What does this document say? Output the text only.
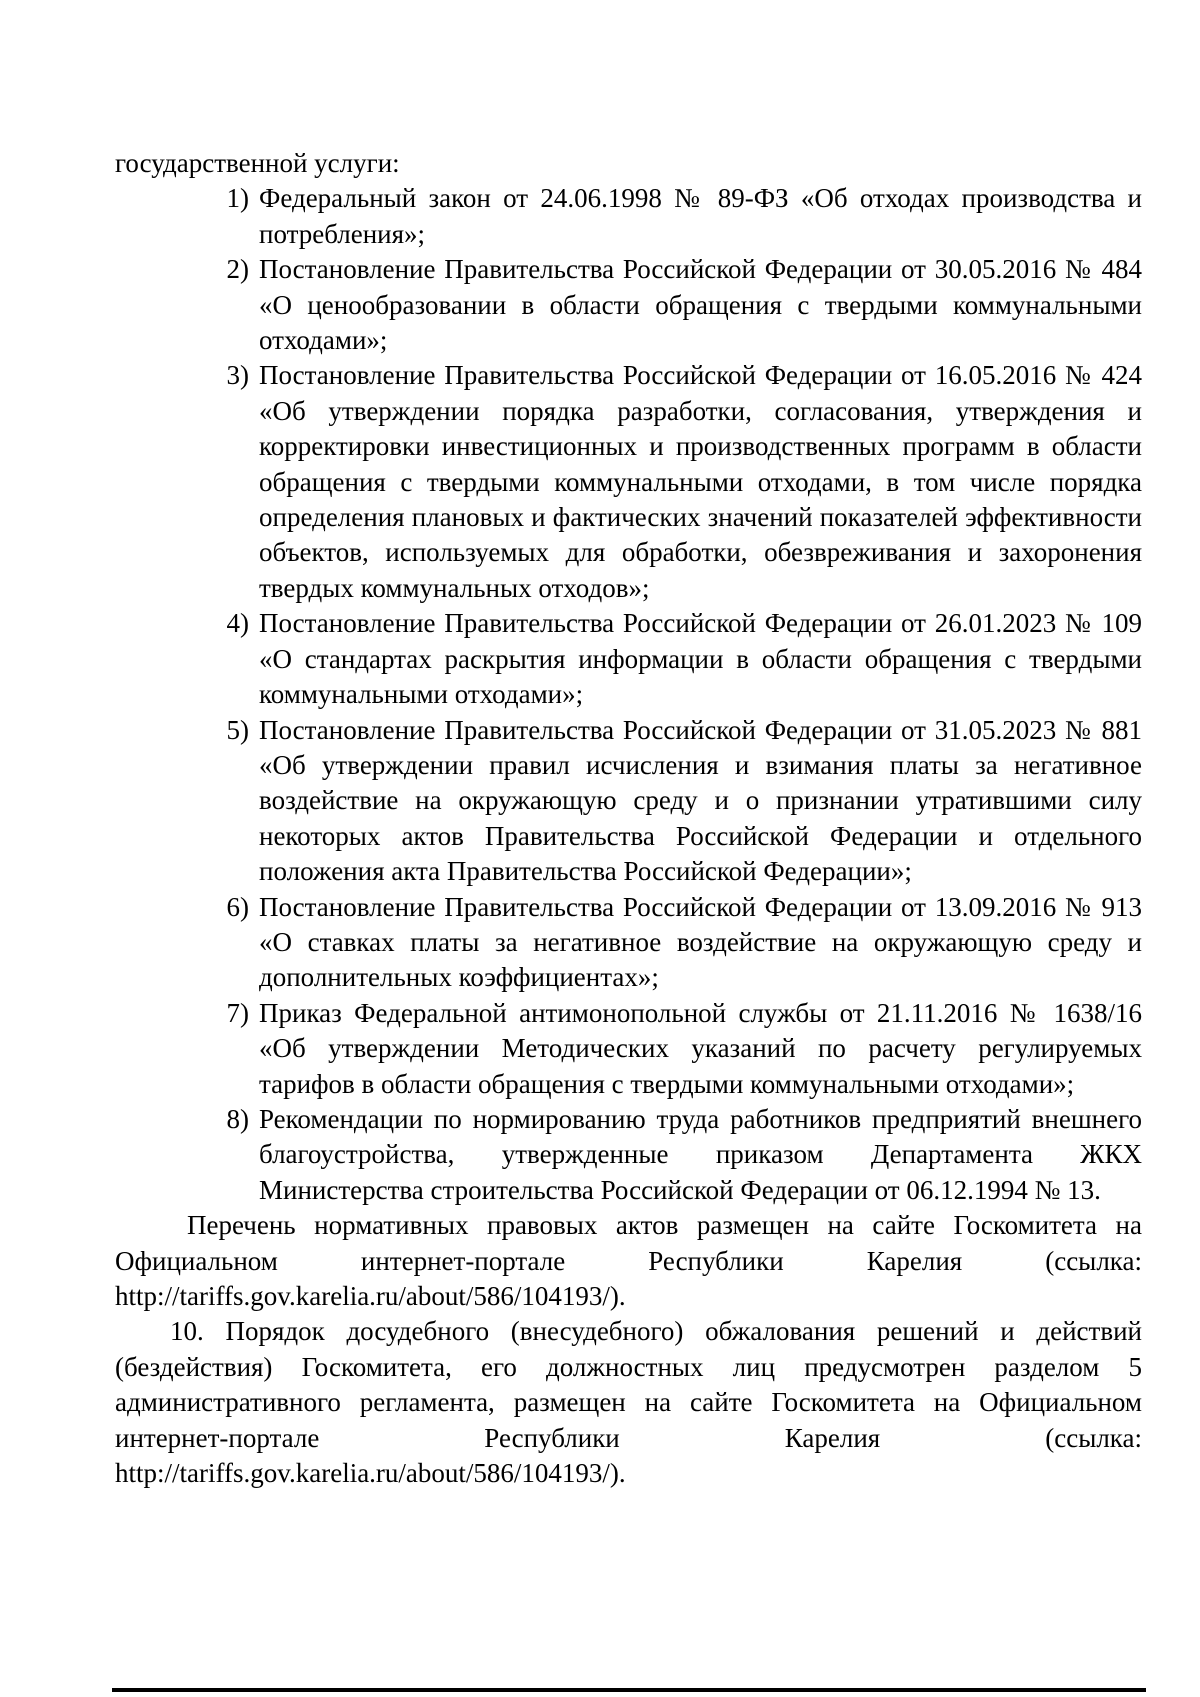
государственной услуги:

1) Федеральный закон от 24.06.1998 № 89-ФЗ «Об отходах производства и потребления»;
2) Постановление Правительства Российской Федерации от 30.05.2016 № 484 «О ценообразовании в области обращения с твердыми коммунальными отходами»;
3) Постановление Правительства Российской Федерации от 16.05.2016 № 424 «Об утверждении порядка разработки, согласования, утверждения и корректировки инвестиционных и производственных программ в области обращения с твердыми коммунальными отходами, в том числе порядка определения плановых и фактических значений показателей эффективности объектов, используемых для обработки, обезвреживания и захоронения твердых коммунальных отходов»;
4) Постановление Правительства Российской Федерации от 26.01.2023 № 109 «О стандартах раскрытия информации в области обращения с твердыми коммунальными отходами»;
5) Постановление Правительства Российской Федерации от 31.05.2023 № 881 «Об утверждении правил исчисления и взимания платы за негативное воздействие на окружающую среду и о признании утратившими силу некоторых актов Правительства Российской Федерации и отдельного положения акта Правительства Российской Федерации»;
6) Постановление Правительства Российской Федерации от 13.09.2016 № 913 «О ставках платы за негативное воздействие на окружающую среду и дополнительных коэффициентах»;
7) Приказ Федеральной антимонопольной службы от 21.11.2016 № 1638/16 «Об утверждении Методических указаний по расчету регулируемых тарифов в области обращения с твердыми коммунальными отходами»;
8) Рекомендации по нормированию труда работников предприятий внешнего благоустройства, утвержденные приказом Департамента ЖКХ Министерства строительства Российской Федерации от 06.12.1994 № 13.

Перечень нормативных правовых актов размещен на сайте Госкомитета на Официальном интернет-портале Республики Карелия (ссылка: http://tariffs.gov.karelia.ru/about/586/104193/).

10. Порядок досудебного (внесудебного) обжалования решений и действий (бездействия) Госкомитета, его должностных лиц предусмотрен разделом 5 административного регламента, размещен на сайте Госкомитета на Официальном интернет-портале Республики Карелия (ссылка: http://tariffs.gov.karelia.ru/about/586/104193/).
